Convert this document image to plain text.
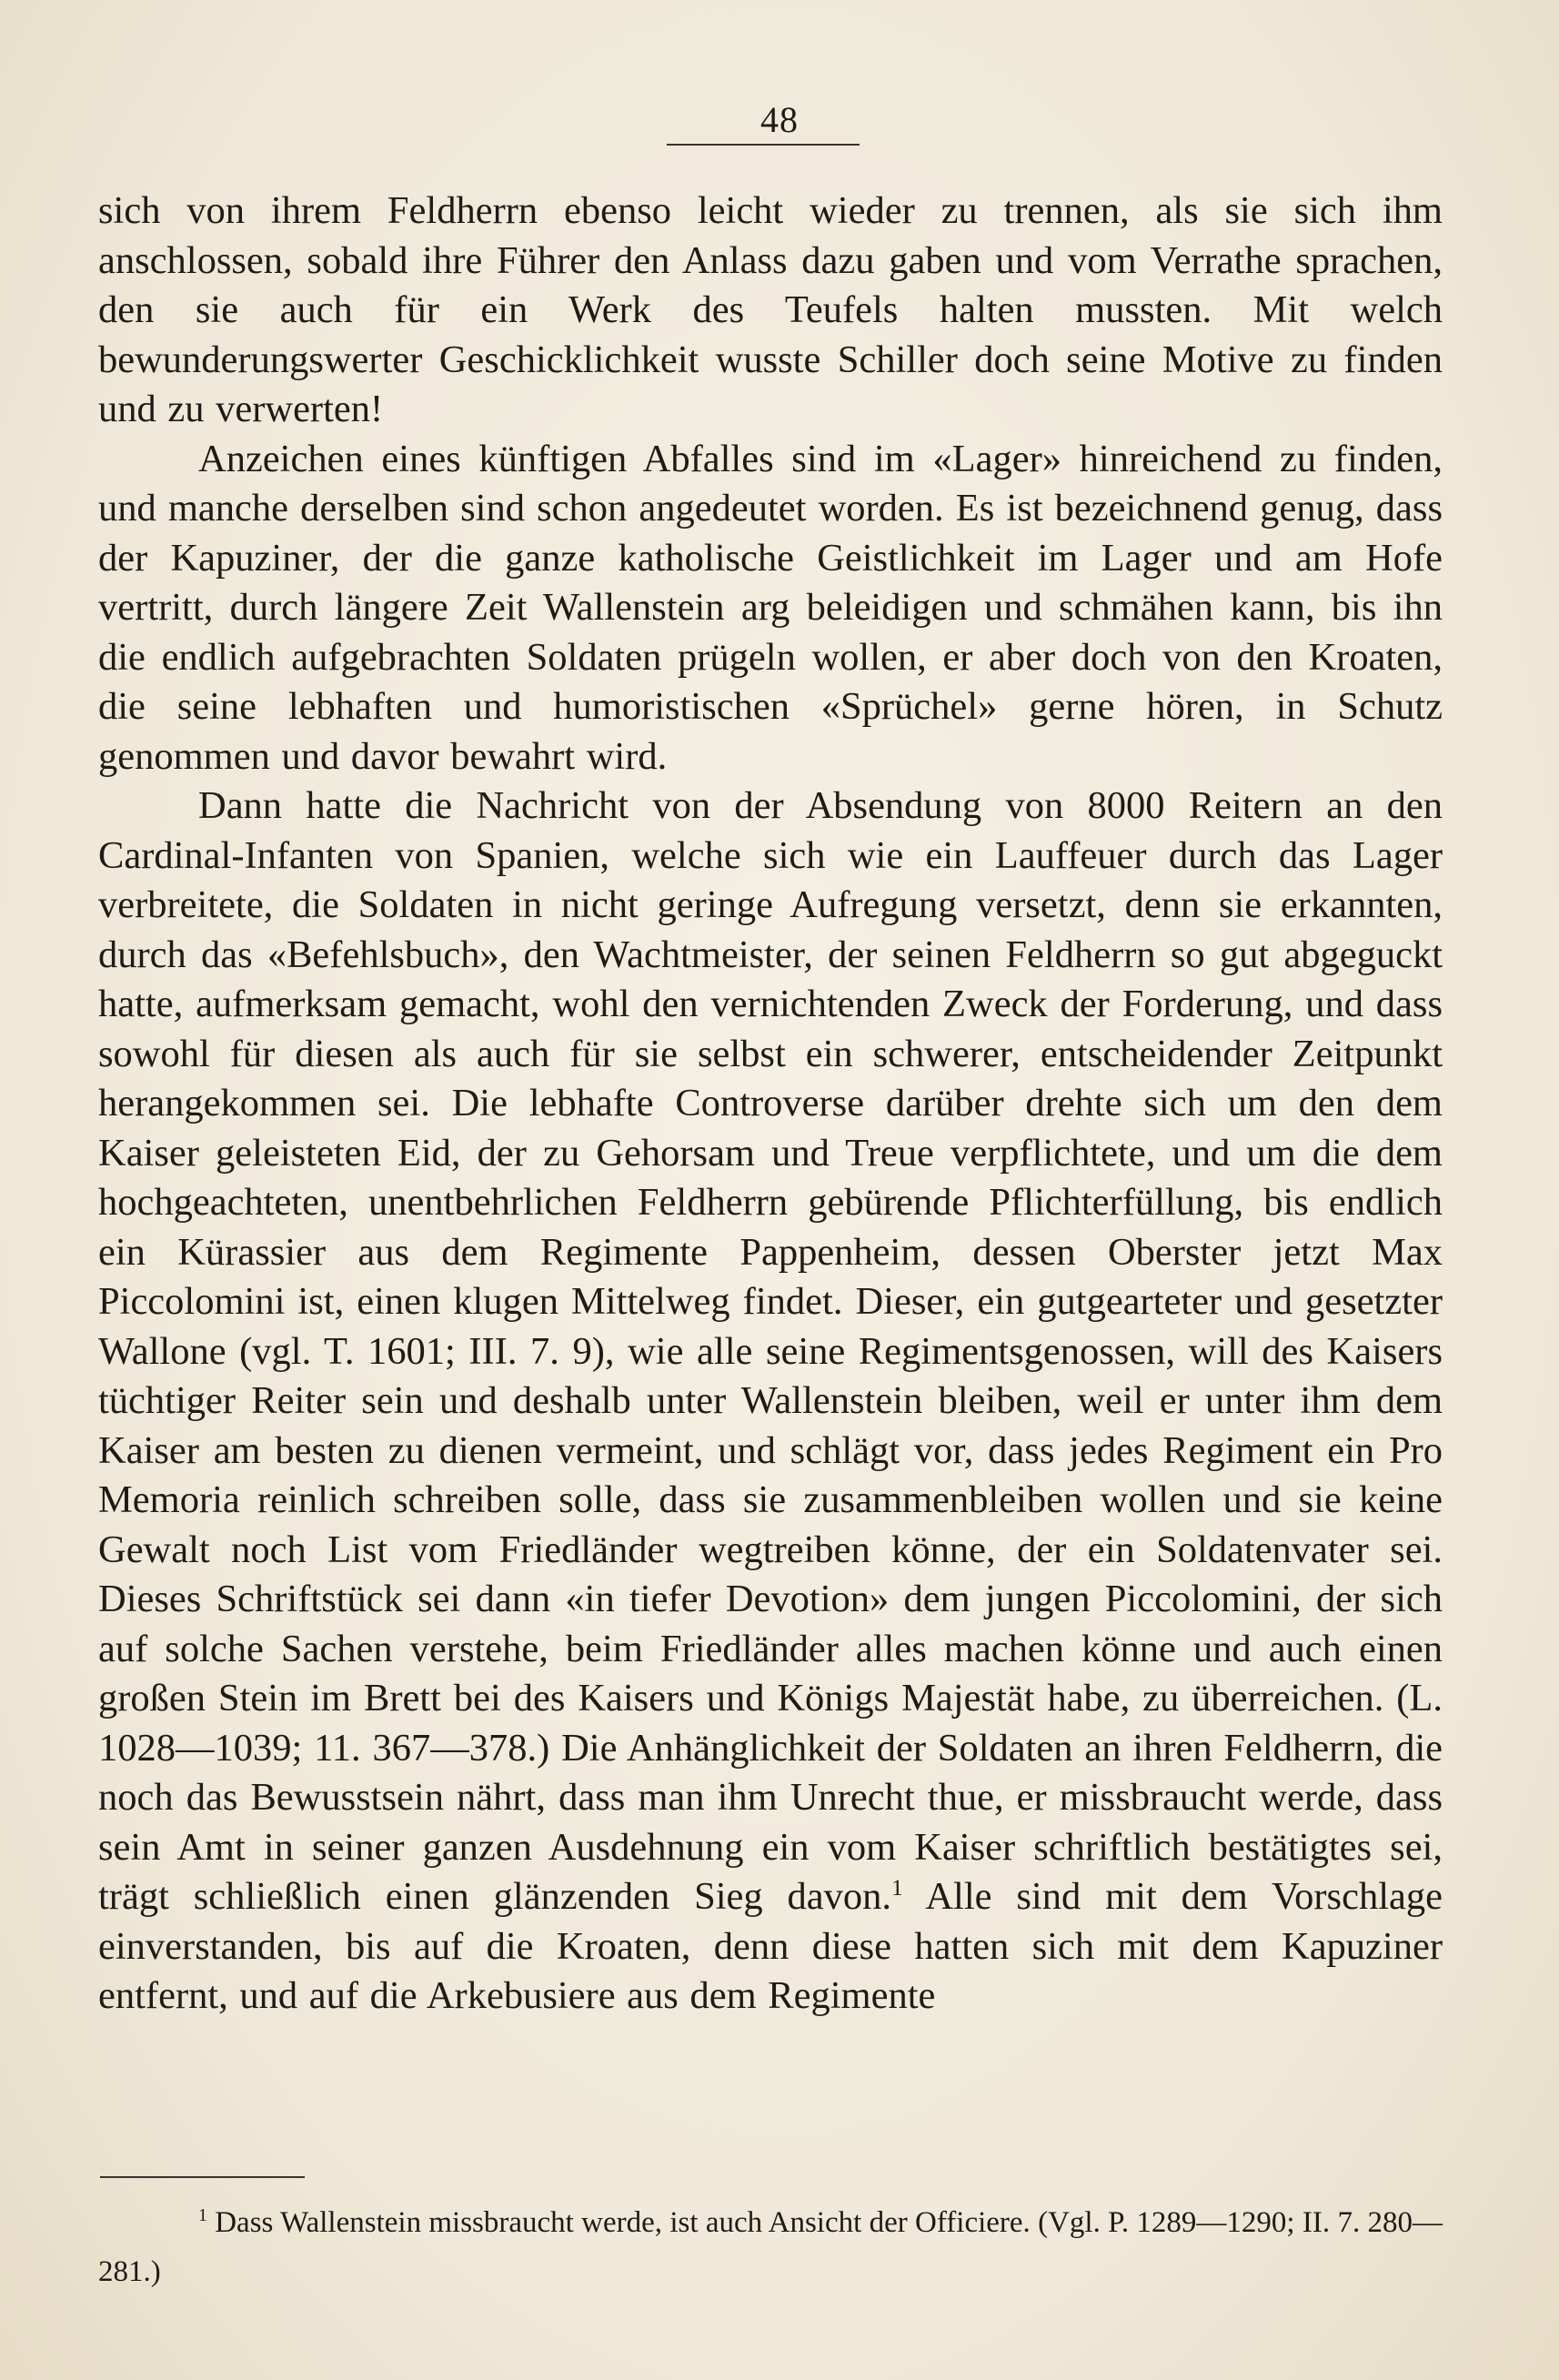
48

sich von ihrem Feldherrn ebenso leicht wieder zu trennen, als sie sich ihm anschlossen, sobald ihre Führer den Anlass dazu gaben und vom Verrathe sprachen, den sie auch für ein Werk des Teufels halten mussten. Mit welch bewunderungswerter Geschicklichkeit wusste Schiller doch seine Motive zu finden und zu verwerten!

Anzeichen eines künftigen Abfalles sind im «Lager» hinreichend zu finden, und manche derselben sind schon angedeutet worden. Es ist bezeichnend genug, dass der Kapuziner, der die ganze katholische Geistlichkeit im Lager und am Hofe vertritt, durch längere Zeit Wallenstein arg beleidigen und schmähen kann, bis ihn die endlich aufgebrachten Soldaten prügeln wollen, er aber doch von den Kroaten, die seine lebhaften und humoristischen «Sprüchel» gerne hören, in Schutz genommen und davor bewahrt wird.

Dann hatte die Nachricht von der Absendung von 8000 Reitern an den Cardinal-Infanten von Spanien, welche sich wie ein Lauffeuer durch das Lager verbreitete, die Soldaten in nicht geringe Aufregung versetzt, denn sie erkannten, durch das «Befehlsbuch», den Wachtmeister, der seinen Feldherrn so gut abgeguckt hatte, aufmerksam gemacht, wohl den vernichtenden Zweck der Forderung, und dass sowohl für diesen als auch für sie selbst ein schwerer, entscheidender Zeitpunkt herangekommen sei. Die lebhafte Controverse darüber drehte sich um den dem Kaiser geleisteten Eid, der zu Gehorsam und Treue verpflichtete, und um die dem hochgeachteten, unentbehrlichen Feldherrn gebürende Pflichterfüllung, bis endlich ein Kürassier aus dem Regimente Pappenheim, dessen Oberster jetzt Max Piccolomini ist, einen klugen Mittelweg findet. Dieser, ein gutgearteter und gesetzter Wallone (vgl. T. 1601; III. 7. 9), wie alle seine Regimentsgenossen, will des Kaisers tüchtiger Reiter sein und deshalb unter Wallenstein bleiben, weil er unter ihm dem Kaiser am besten zu dienen vermeint, und schlägt vor, dass jedes Regiment ein Pro Memoria reinlich schreiben solle, dass sie zusammenbleiben wollen und sie keine Gewalt noch List vom Friedländer wegtreiben könne, der ein Soldatenvater sei. Dieses Schriftstück sei dann «in tiefer Devotion» dem jungen Piccolomini, der sich auf solche Sachen verstehe, beim Friedländer alles machen könne und auch einen großen Stein im Brett bei des Kaisers und Königs Majestät habe, zu überreichen. (L. 1028—1039; 11. 367—378.) Die Anhänglichkeit der Soldaten an ihren Feldherrn, die noch das Bewusstsein nährt, dass man ihm Unrecht thue, er missbraucht werde, dass sein Amt in seiner ganzen Ausdehnung ein vom Kaiser schriftlich bestätigtes sei, trägt schließlich einen glänzenden Sieg davon.$^1$ Alle sind mit dem Vorschlage einverstanden, bis auf die Kroaten, denn diese hatten sich mit dem Kapuziner entfernt, und auf die Arkebusiere aus dem Regimente

$^1$ Dass Wallenstein missbraucht werde, ist auch Ansicht der Officiere. (Vgl. P. 1289—1290; II. 7. 280—281.)
